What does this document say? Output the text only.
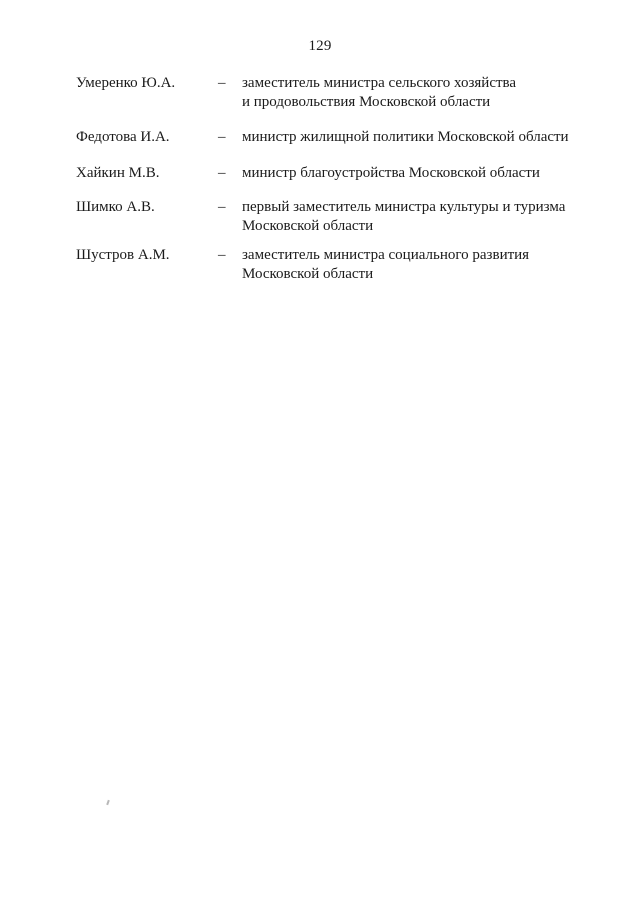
129
Умеренко Ю.А.	– заместитель министра сельского хозяйства
и продовольствия Московской области
Федотова И.А.	– министр жилищной политики Московской области
Хайкин М.В.	– министр благоустройства Московской области
Шимко А.В.	– первый заместитель министра культуры и туризма
Московской области
Шустров А.М.	– заместитель министра социального развития
Московской области
